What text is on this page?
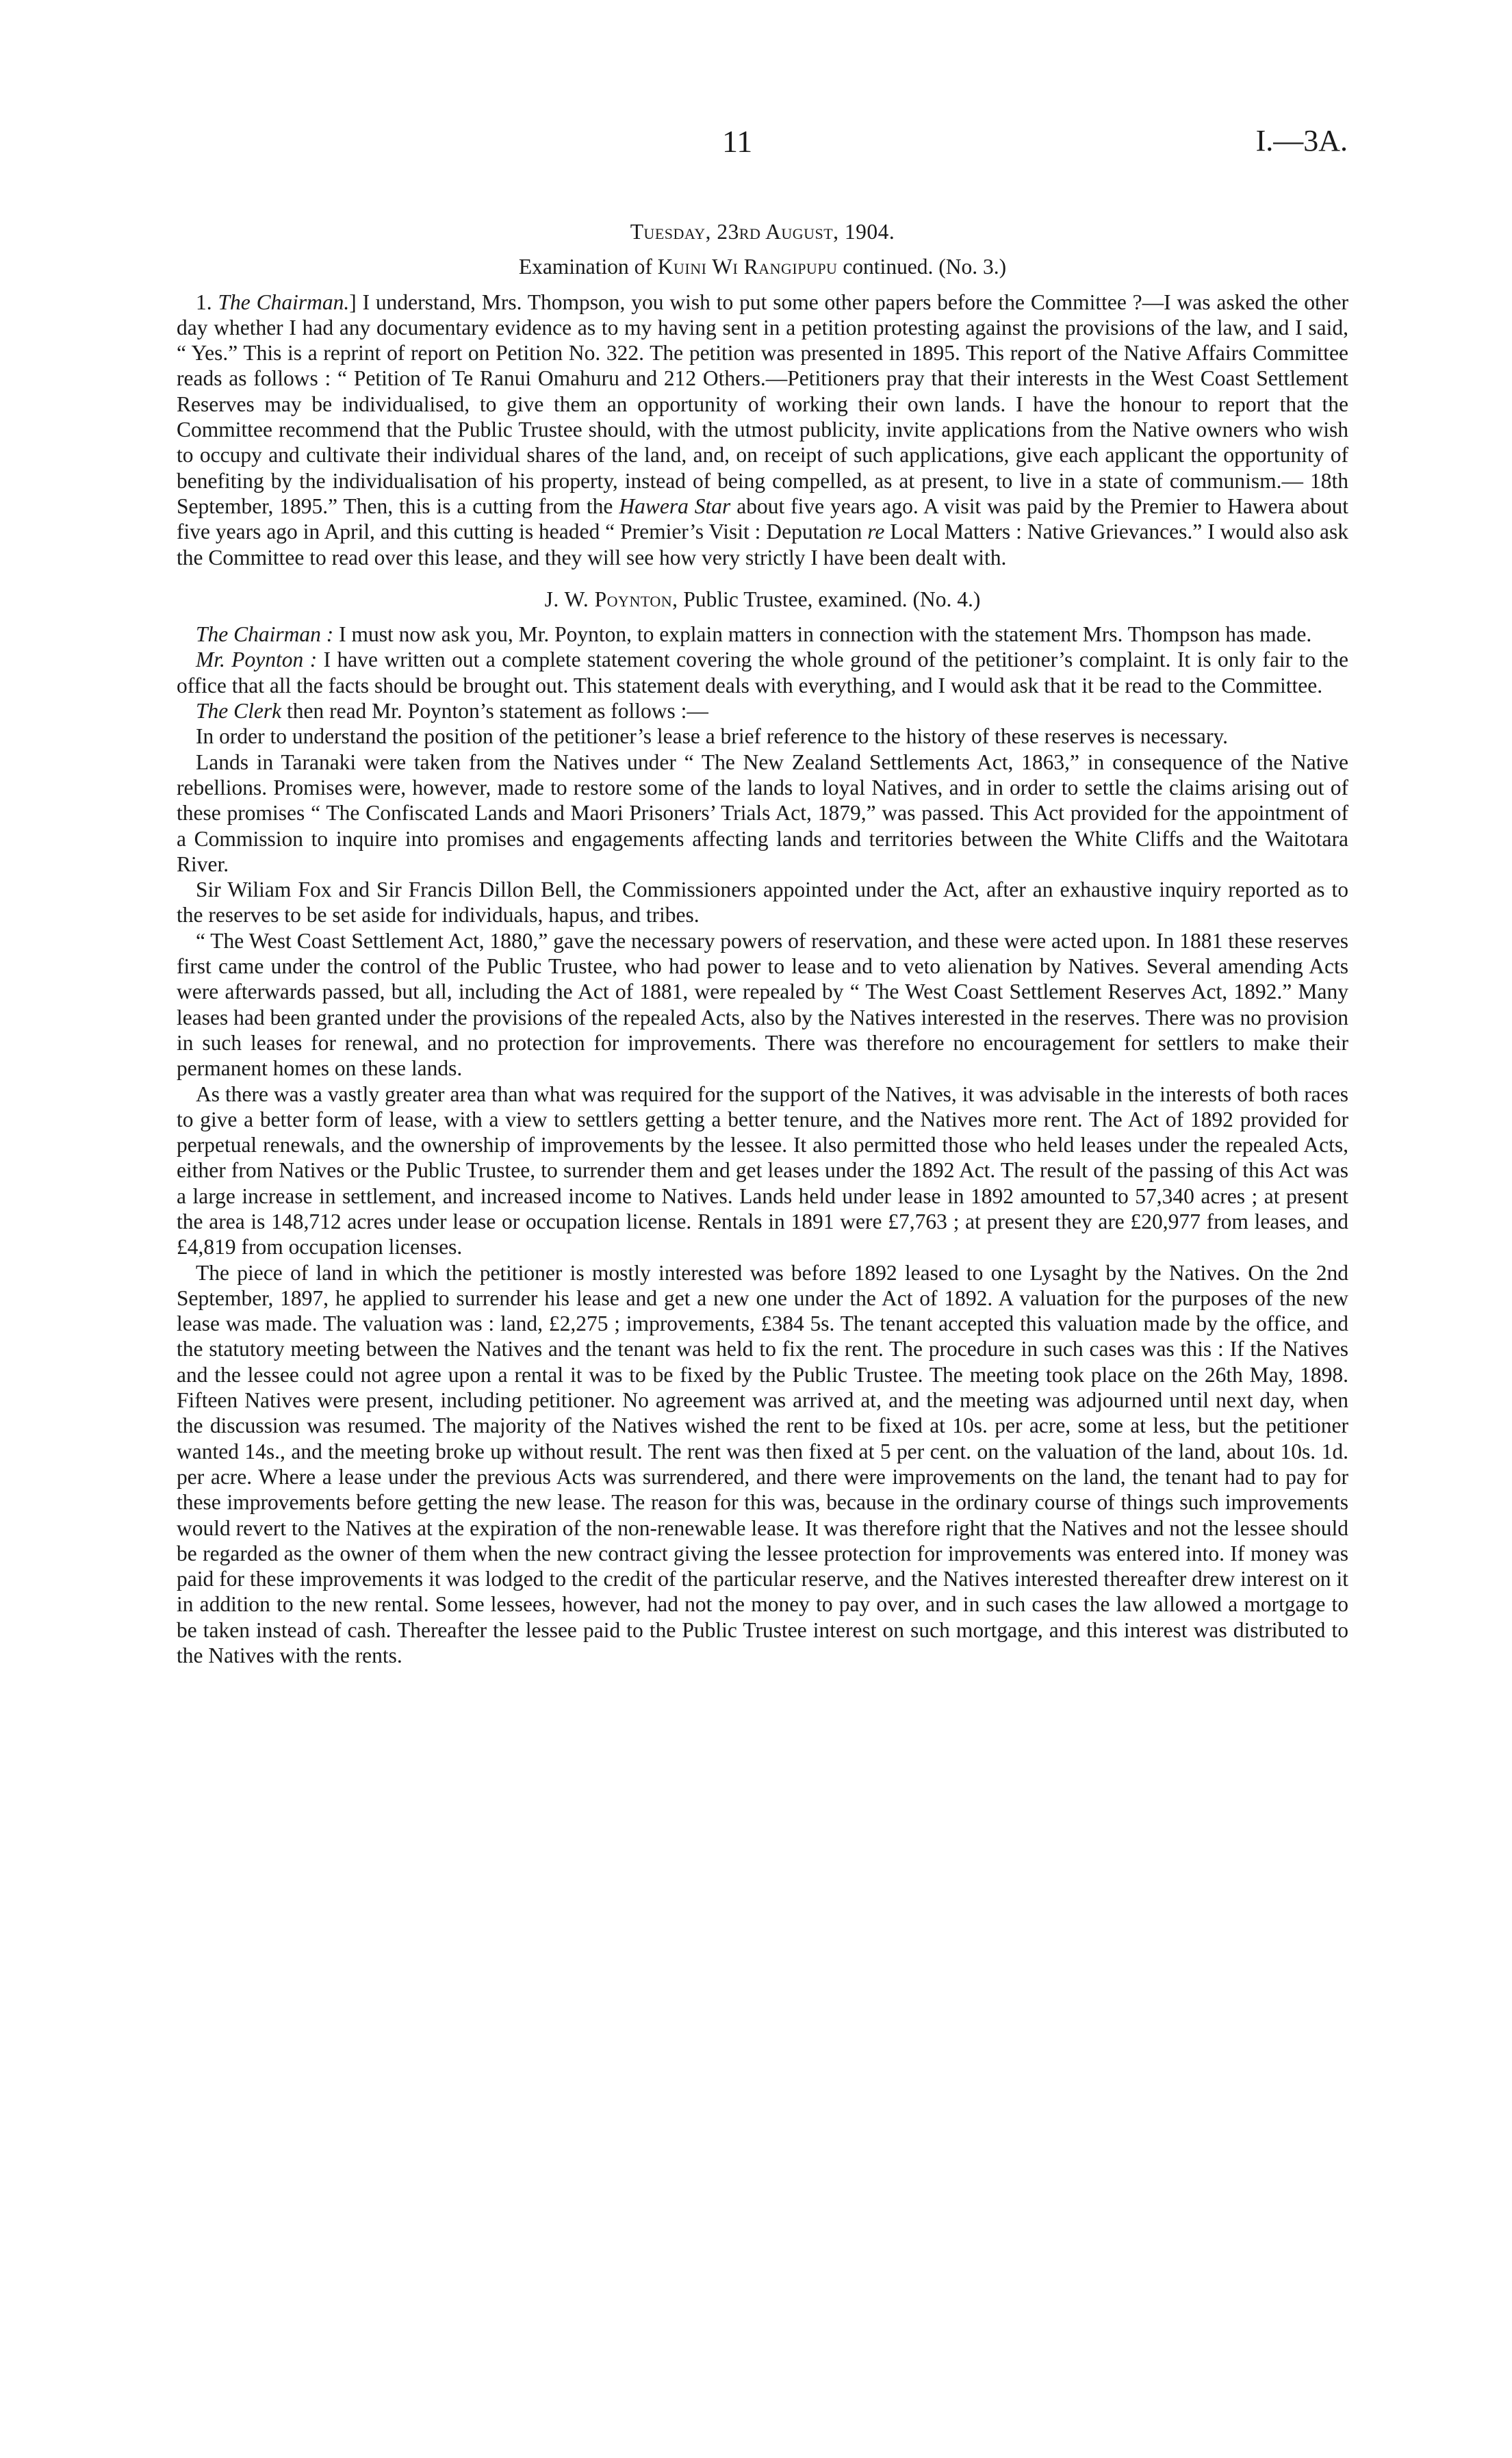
11	I.—3A.

Tuesday, 23rd August, 1904.

Examination of Kuini Wi Rangipupu continued. (No. 3.)

1. The Chairman.] I understand, Mrs. Thompson, you wish to put some other papers before the Committee ?—I was asked the other day whether I had any documentary evidence as to my having sent in a petition protesting against the provisions of the law, and I said, “ Yes.” This is a reprint of report on Petition No. 322. The petition was presented in 1895. This report of the Native Affairs Committee reads as follows : “ Petition of Te Ranui Omahuru and 212 Others.—Petitioners pray that their interests in the West Coast Settlement Reserves may be individualised, to give them an opportunity of working their own lands. I have the honour to report that the Committee recommend that the Public Trustee should, with the utmost publicity, invite applications from the Native owners who wish to occupy and cultivate their individual shares of the land, and, on receipt of such applications, give each applicant the opportunity of benefiting by the individualisation of his property, instead of being compelled, as at present, to live in a state of communism.— 18th September, 1895.” Then, this is a cutting from the Hawera Star about five years ago. A visit was paid by the Premier to Hawera about five years ago in April, and this cutting is headed “ Premier’s Visit : Deputation re Local Matters : Native Grievances.” I would also ask the Committee to read over this lease, and they will see how very strictly I have been dealt with.

J. W. Poynton, Public Trustee, examined. (No. 4.)

The Chairman : I must now ask you, Mr. Poynton, to explain matters in connection with the statement Mrs. Thompson has made.

Mr. Poynton : I have written out a complete statement covering the whole ground of the petitioner’s complaint. It is only fair to the office that all the facts should be brought out. This statement deals with everything, and I would ask that it be read to the Committee.

The Clerk then read Mr. Poynton’s statement as follows :—

In order to understand the position of the petitioner’s lease a brief reference to the history of these reserves is necessary.

Lands in Taranaki were taken from the Natives under “ The New Zealand Settlements Act, 1863,” in consequence of the Native rebellions. Promises were, however, made to restore some of the lands to loyal Natives, and in order to settle the claims arising out of these promises “ The Confiscated Lands and Maori Prisoners’ Trials Act, 1879,” was passed. This Act provided for the appointment of a Commission to inquire into promises and engagements affecting lands and territories between the White Cliffs and the Waitotara River.

Sir Wiliam Fox and Sir Francis Dillon Bell, the Commissioners appointed under the Act, after an exhaustive inquiry reported as to the reserves to be set aside for individuals, hapus, and tribes.

“ The West Coast Settlement Act, 1880,” gave the necessary powers of reservation, and these were acted upon. In 1881 these reserves first came under the control of the Public Trustee, who had power to lease and to veto alienation by Natives. Several amending Acts were afterwards passed, but all, including the Act of 1881, were repealed by “ The West Coast Settlement Reserves Act, 1892.” Many leases had been granted under the provisions of the repealed Acts, also by the Natives interested in the reserves. There was no provision in such leases for renewal, and no protection for improvements. There was therefore no encouragement for settlers to make their permanent homes on these lands.

As there was a vastly greater area than what was required for the support of the Natives, it was advisable in the interests of both races to give a better form of lease, with a view to settlers getting a better tenure, and the Natives more rent. The Act of 1892 provided for perpetual renewals, and the ownership of improvements by the lessee. It also permitted those who held leases under the repealed Acts, either from Natives or the Public Trustee, to surrender them and get leases under the 1892 Act. The result of the passing of this Act was a large increase in settlement, and increased income to Natives. Lands held under lease in 1892 amounted to 57,340 acres ; at present the area is 148,712 acres under lease or occupation license. Rentals in 1891 were £7,763 ; at present they are £20,977 from leases, and £4,819 from occupation licenses.

The piece of land in which the petitioner is mostly interested was before 1892 leased to one Lysaght by the Natives. On the 2nd September, 1897, he applied to surrender his lease and get a new one under the Act of 1892. A valuation for the purposes of the new lease was made. The valuation was : land, £2,275 ; improvements, £384 5s. The tenant accepted this valuation made by the office, and the statutory meeting between the Natives and the tenant was held to fix the rent. The procedure in such cases was this : If the Natives and the lessee could not agree upon a rental it was to be fixed by the Public Trustee. The meeting took place on the 26th May, 1898. Fifteen Natives were present, including petitioner. No agreement was arrived at, and the meeting was adjourned until next day, when the discussion was resumed. The majority of the Natives wished the rent to be fixed at 10s. per acre, some at less, but the petitioner wanted 14s., and the meeting broke up without result. The rent was then fixed at 5 per cent. on the valuation of the land, about 10s. 1d. per acre. Where a lease under the previous Acts was surrendered, and there were improvements on the land, the tenant had to pay for these improvements before getting the new lease. The reason for this was, because in the ordinary course of things such improvements would revert to the Natives at the expiration of the non-renewable lease. It was therefore right that the Natives and not the lessee should be regarded as the owner of them when the new contract giving the lessee protection for improvements was entered into. If money was paid for these improvements it was lodged to the credit of the particular reserve, and the Natives interested thereafter drew interest on it in addition to the new rental. Some lessees, however, had not the money to pay over, and in such cases the law allowed a mortgage to be taken instead of cash. Thereafter the lessee paid to the Public Trustee interest on such mortgage, and this interest was distributed to the Natives with the rents.
